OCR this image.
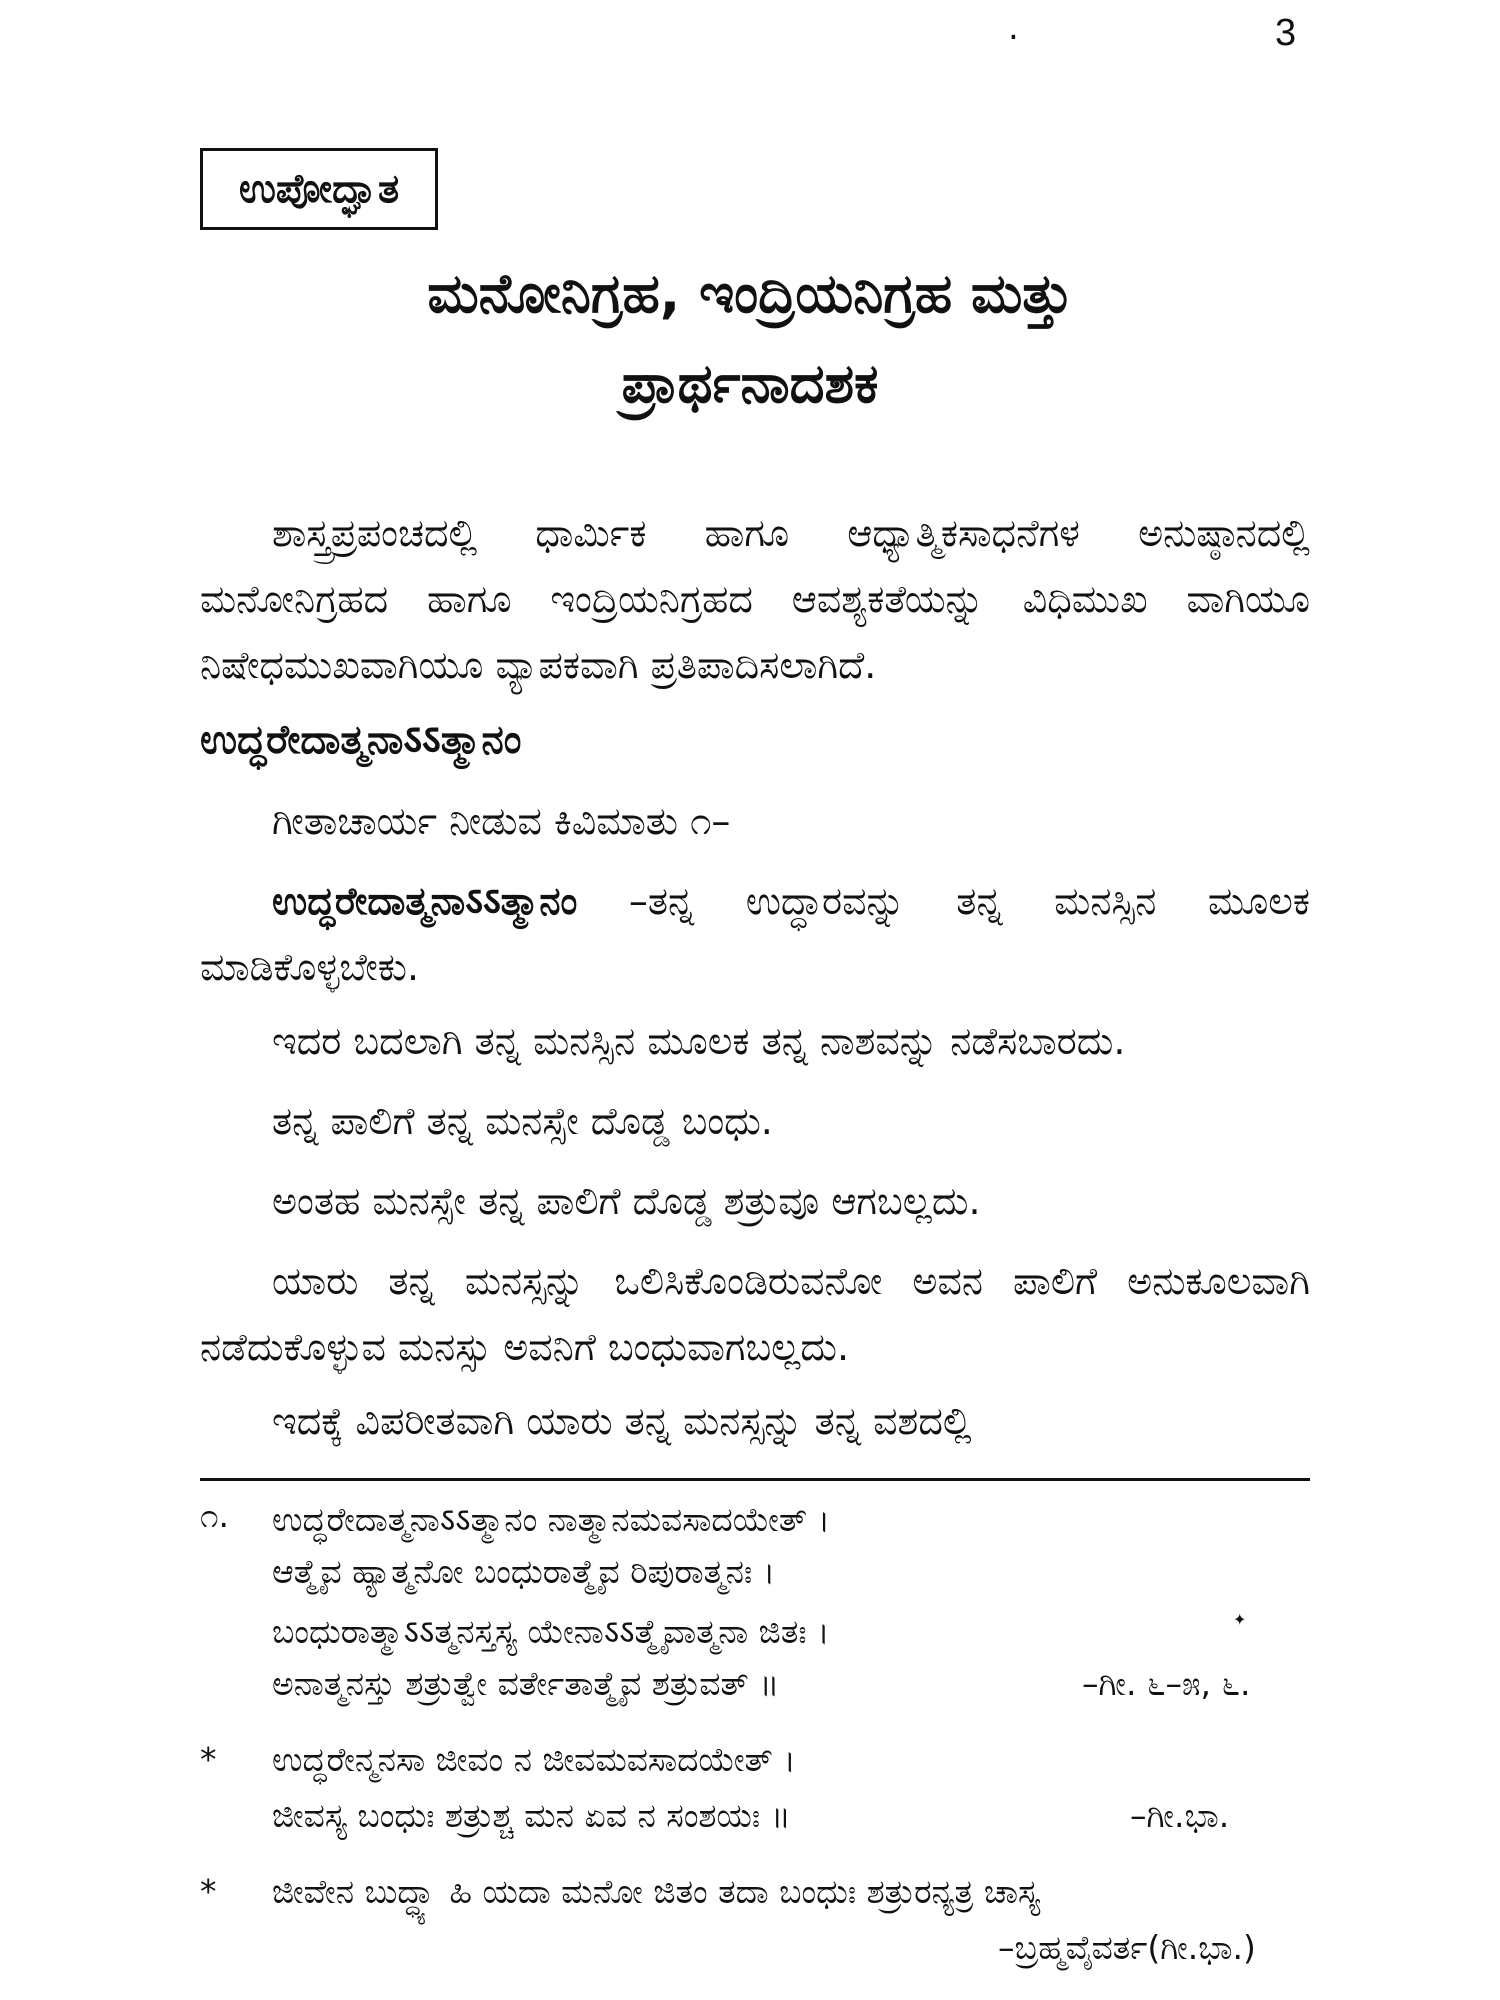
.	3
ಉಪೋದ್ಘಾತ
ಮನೋನಿಗ್ರಹ, ಇಂದ್ರಿಯನಿಗ್ರಹ ಮತ್ತು
ಪ್ರಾರ್ಥನಾದಶಕ
ಶಾಸ್ತ್ರಪ್ರಪಂಚದಲ್ಲಿ ಧಾರ್ಮಿಕ ಹಾಗೂ ಆಧ್ಯಾತ್ಮಿಕಸಾಧನೆಗಳ ಅನುಷ್ಠಾನದಲ್ಲಿ ಮನೋನಿಗ್ರಹದ ಹಾಗೂ ಇಂದ್ರಿಯನಿಗ್ರಹದ ಆವಶ್ಯಕತೆಯನ್ನು ವಿಧಿಮುಖ ವಾಗಿಯೂ ನಿಷೇಧಮುಖವಾಗಿಯೂ ವ್ಯಾಪಕವಾಗಿ ಪ್ರತಿಪಾದಿಸಲಾಗಿದೆ.
ಉದ್ಧರೇದಾತ್ಮನಾऽऽತ್ಮಾನಂ
ಗೀತಾಚಾರ್ಯ ನೀಡುವ ಕಿವಿಮಾತು ೧–
ಉದ್ಧರೇದಾತ್ಮನಾऽऽತ್ಮಾನಂ –ತನ್ನ ಉದ್ಧಾರವನ್ನು ತನ್ನ ಮನಸ್ಸಿನ ಮೂಲಕ ಮಾಡಿಕೊಳ್ಳಬೇಕು.
ಇದರ ಬದಲಾಗಿ ತನ್ನ ಮನಸ್ಸಿನ ಮೂಲಕ ತನ್ನ ನಾಶವನ್ನು ನಡೆಸಬಾರದು.
ತನ್ನ ಪಾಲಿಗೆ ತನ್ನ ಮನಸ್ಸೇ ದೊಡ್ಡ ಬಂಧು.
ಅಂತಹ ಮನಸ್ಸೇ ತನ್ನ ಪಾಲಿಗೆ ದೊಡ್ಡ ಶತ್ರುವೂ ಆಗಬಲ್ಲದು.
ಯಾರು ತನ್ನ ಮನಸ್ಸನ್ನು ಒಲಿಸಿಕೊಂಡಿರುವನೋ ಅವನ ಪಾಲಿಗೆ ಅನುಕೂಲವಾಗಿ ನಡೆದುಕೊಳ್ಳುವ ಮನಸ್ಸು ಅವನಿಗೆ ಬಂಧುವಾಗಬಲ್ಲದು.
ಇದಕ್ಕೆ ವಿಪರೀತವಾಗಿ ಯಾರು ತನ್ನ ಮನಸ್ಸನ್ನು ತನ್ನ ವಶದಲ್ಲಿ
೧. ಉದ್ಧರೇದಾತ್ಮನಾऽऽತ್ಮಾನಂ ನಾತ್ಮಾನಮವಸಾದಯೇತ್ ।
ಆತ್ಮೈವ ಹ್ಯಾತ್ಮನೋ ಬಂಧುರಾತ್ಮೈವ ರಿಪುರಾತ್ಮನಃ ।
ಬಂಧುರಾತ್ಮಾऽऽತ್ಮನಸ್ತಸ್ಯ ಯೇನಾऽऽತ್ಮೈವಾತ್ಮನಾ ಜಿತಃ ।
ಅನಾತ್ಮನಸ್ತು ಶತ್ರುತ್ವೇ ವರ್ತೇತಾತ್ಮೈವ ಶತ್ರುವತ್ ॥	–ಗೀ. ೬–೫, ೬.
✦
* ಉದ್ಧರೇನ್ಮನಸಾ ಜೀವಂ ನ ಜೀವಮವಸಾದಯೇತ್ ।
ಜೀವಸ್ಯ ಬಂಧುಃ ಶತ್ರುಶ್ಚ ಮನ ಏವ ನ ಸಂಶಯಃ ॥	–ಗೀ.ಭಾ.
* ಜೀವೇನ ಬುದ್ಧ್ಯಾ ಹಿ ಯದಾ ಮನೋ ಜಿತಂ ತದಾ ಬಂಧುಃ ಶತ್ರುರನ್ಯತ್ರ ಚಾಸ್ಯ
–ಬ್ರಹ್ಮವೈವರ್ತ(ಗೀ.ಭಾ.)
